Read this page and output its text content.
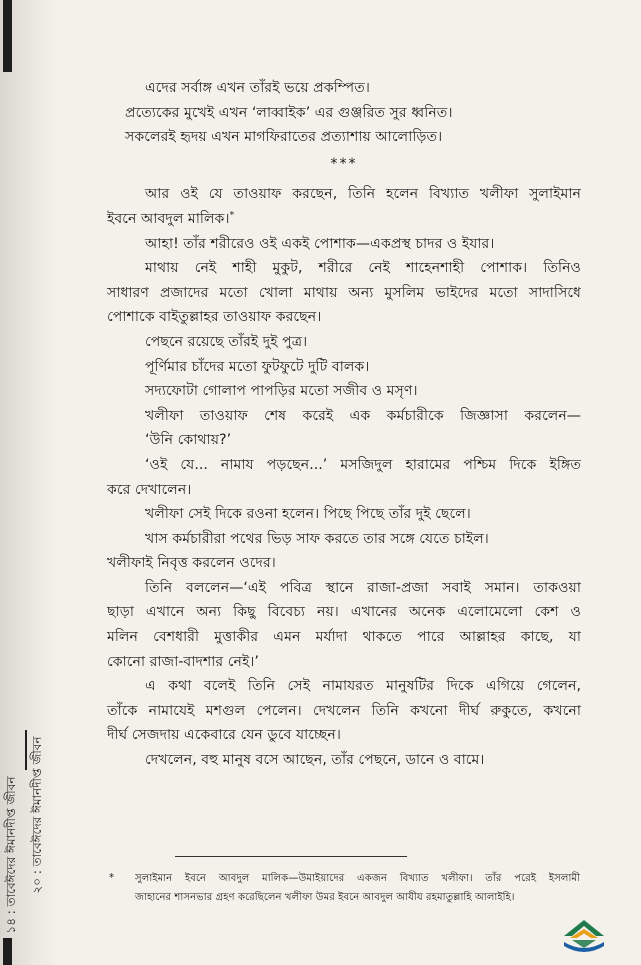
১৪ : তাবেঈদের ঈমানদীপ্ত জীবন	২০ : তাবেঈদের ঈমানদীপ্ত জীবন

এদের সর্বাঙ্গ এখন তাঁরই ভয়ে প্রকম্পিত।

প্রত্যেকের মুখেই এখন ‘লাব্বাইক’ এর গুঞ্জরিত সুর ধ্বনিত।

সকলেরই হৃদয় এখন মাগফিরাতের প্রত্যাশায় আলোড়িত।

***

আর ওই যে তাওয়াফ করছেন, তিনি হলেন বিখ্যাত খলীফা সুলাইমান

ইবনে আবদুল মালিক।*

আহা! তাঁর শরীরেও ওই একই পোশাক—একপ্রস্থ চাদর ও ইযার।

মাথায় নেই শাহী মুকুট, শরীরে নেই শাহেনশাহী পোশাক। তিনিও

সাধারণ প্রজাদের মতো খোলা মাথায় অন্য মুসলিম ভাইদের মতো সাদাসিধে

পোশাকে বাইতুল্লাহর তাওয়াফ করছেন।

পেছনে রয়েছে তাঁরই দুই পুত্র।

পূর্ণিমার চাঁদের মতো ফুটফুটে দুটি বালক।

সদ্যফোটা গোলাপ পাপড়ির মতো সজীব ও মসৃণ।

খলীফা তাওয়াফ শেষ করেই এক কর্মচারীকে জিজ্ঞাসা করলেন—

‘উনি কোথায়?’

‘ওই যে... নামায পড়ছেন...’ মসজিদুল হারামের পশ্চিম দিকে ইঙ্গিত

করে দেখালেন।

খলীফা সেই দিকে রওনা হলেন। পিছে পিছে তাঁর দুই ছেলে।

খাস কর্মচারীরা পথের ভিড় সাফ করতে তার সঙ্গে যেতে চাইল।

খলীফাই নিবৃত্ত করলেন ওদের।

তিনি বললেন—‘এই পবিত্র স্থানে রাজা-প্রজা সবাই সমান। তাকওয়া

ছাড়া এখানে অন্য কিছু বিবেচ্য নয়। এখানের অনেক এলোমেলো কেশ ও

মলিন বেশধারী মুত্তাকীর এমন মর্যাদা থাকতে পারে আল্লাহর কাছে, যা

কোনো রাজা-বাদশার নেই।’

এ কথা বলেই তিনি সেই নামাযরত মানুষটির দিকে এগিয়ে গেলেন,

তাঁকে নামাযেই মশগুল পেলেন। দেখলেন তিনি কখনো দীর্ঘ রুকুতে, কখনো

দীর্ঘ সেজদায় একেবারে যেন ডুবে যাচ্ছেন।

দেখলেন, বহু মানুষ বসে আছেন, তাঁর পেছনে, ডানে ও বামে।

*	সুলাইমান ইবনে আবদুল মালিক—উমাইয়াদের একজন বিখ্যাত খলীফা। তাঁর পরেই ইসলামী

জাহানের শাসনভার গ্রহণ করেছিলেন খলীফা উমর ইবনে আবদুল আযীয রহমাতুল্লাহি আলাইহি।
